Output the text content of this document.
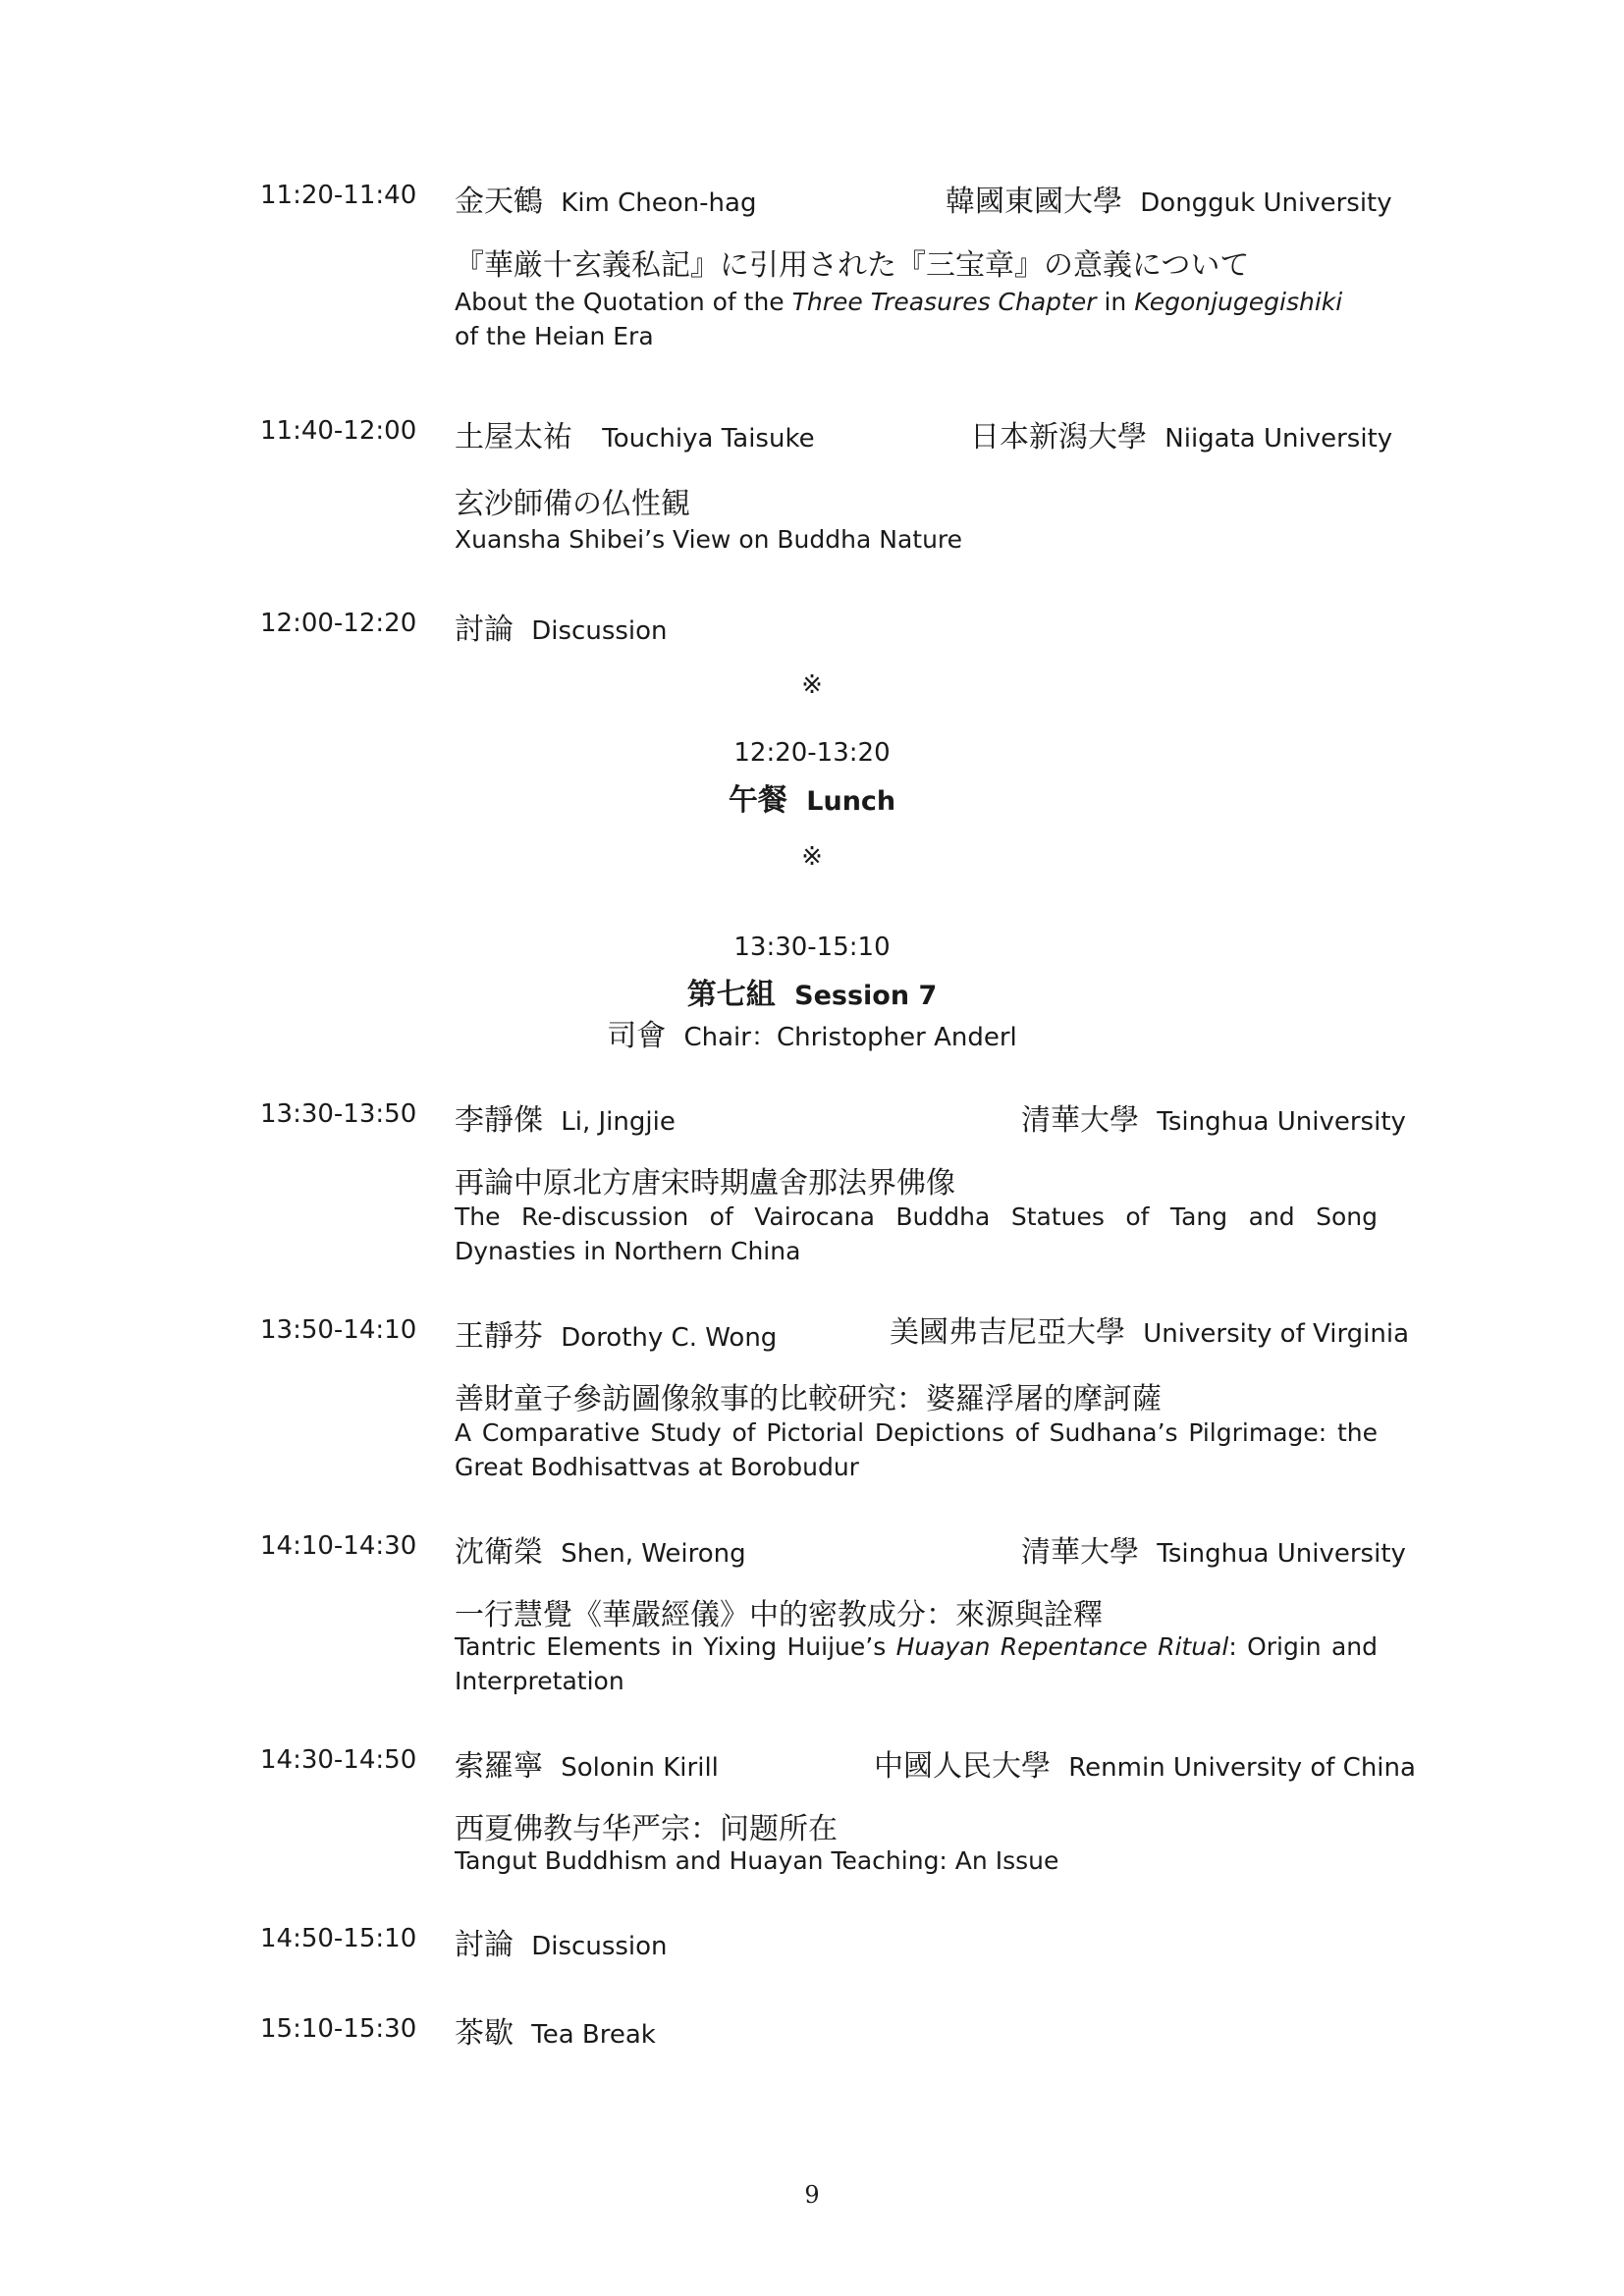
11:20-11:40 金天鶴 Kim Cheon-hag	韓國東國大學 Dongguk University
『華厳十玄義私記』に引用された『三宝章』の意義について
About the Quotation of the Three Treasures Chapter in Kegonjugegishiki of the Heian Era
11:40-12:00 土屋太祐 Touchiya Taisuke	日本新潟大學 Niigata University
玄沙師備の仏性観
Xuansha Shibei’s View on Buddha Nature
12:00-12:20 討論 Discussion
※
12:20-13:20
午餐 Lunch
※
13:30-15:10
第七組 Session 7
司會 Chair：Christopher Anderl
13:30-13:50 李靜傑 Li, Jingjie	清華大學 Tsinghua University
再論中原北方唐宋時期盧舍那法界佛像
The Re-discussion of Vairocana Buddha Statues of Tang and Song Dynasties in Northern China
13:50-14:10 王靜芬 Dorothy C. Wong	美國弗吉尼亞大學 University of Virginia
善財童子參訪圖像敘事的比較研究：婆羅浮屠的摩訶薩
A Comparative Study of Pictorial Depictions of Sudhana’s Pilgrimage: the Great Bodhisattvas at Borobudur
14:10-14:30 沈衛榮 Shen, Weirong	清華大學 Tsinghua University
一行慧覺《華嚴經儀》中的密教成分：來源與詮釋
Tantric Elements in Yixing Huijue’s Huayan Repentance Ritual: Origin and Interpretation
14:30-14:50 索羅寧 Solonin Kirill	中國人民大學 Renmin University of China
西夏佛教与华严宗：问题所在
Tangut Buddhism and Huayan Teaching: An Issue
14:50-15:10 討論 Discussion
15:10-15:30 茶歇 Tea Break
9
